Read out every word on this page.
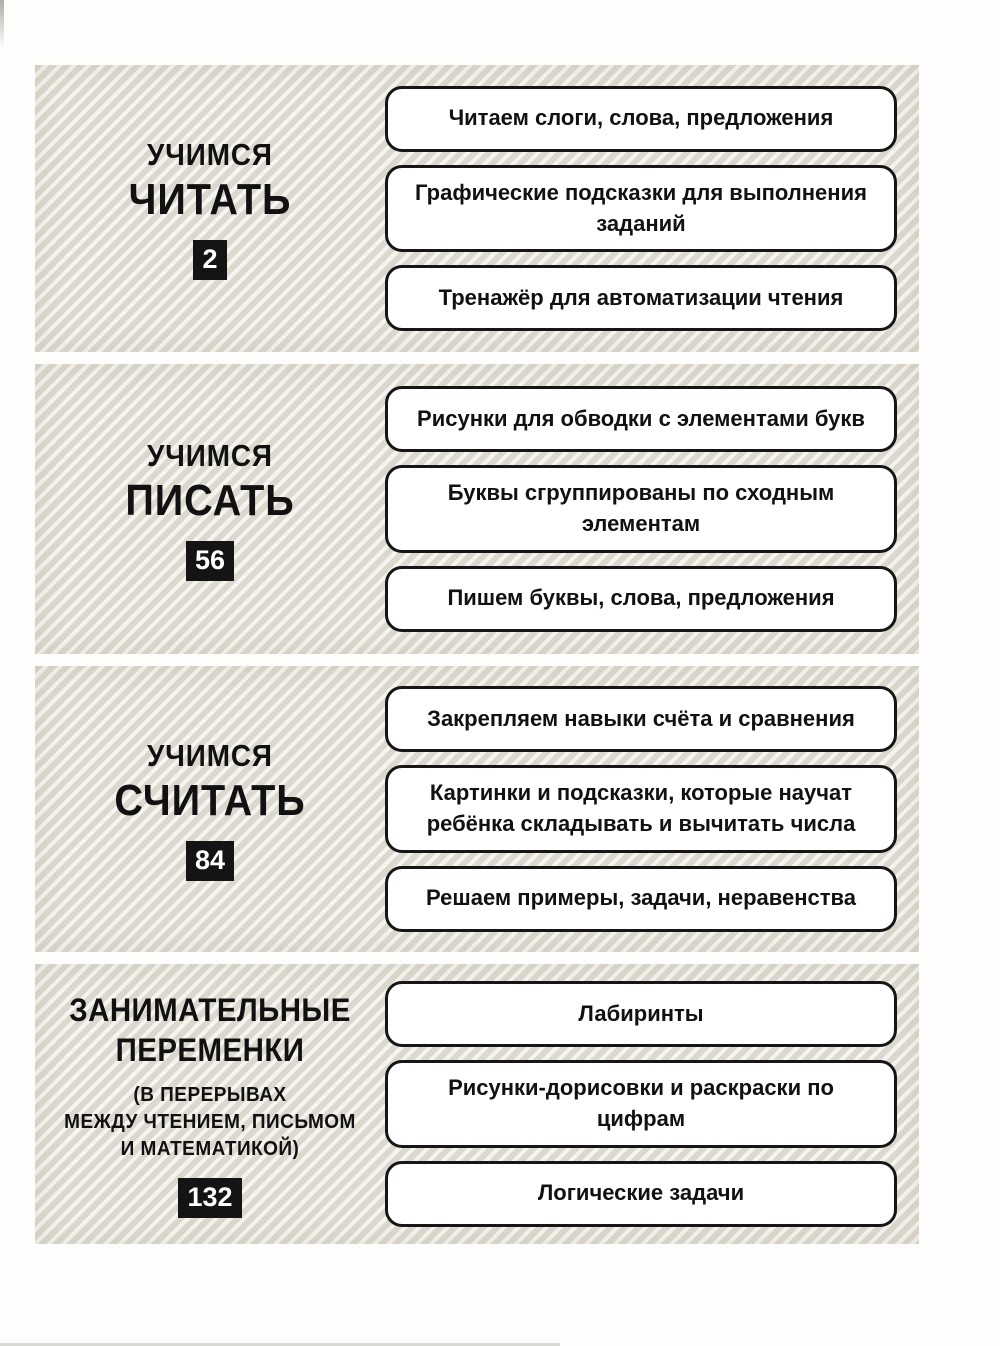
УЧИМСЯ
ЧИТАТЬ
2
Читаем слоги, слова, предложения
Графические подсказки для выполнения заданий
Тренажёр для автоматизации чтения
УЧИМСЯ
ПИСАТЬ
56
Рисунки для обводки с элементами букв
Буквы сгруппированы по сходным элементам
Пишем буквы, слова, предложения
УЧИМСЯ
СЧИТАТЬ
84
Закрепляем навыки счёта и сравнения
Картинки и подсказки, которые научат ребёнка складывать и вычитать числа
Решаем примеры, задачи, неравенства
ЗАНИМАТЕЛЬНЫЕ
ПЕРЕМЕНКИ
(В ПЕРЕРЫВАХ
МЕЖДУ ЧТЕНИЕМ, ПИСЬМОМ
И МАТЕМАТИКОЙ)
132
Лабиринты
Рисунки-дорисовки и раскраски по цифрам
Логические задачи
